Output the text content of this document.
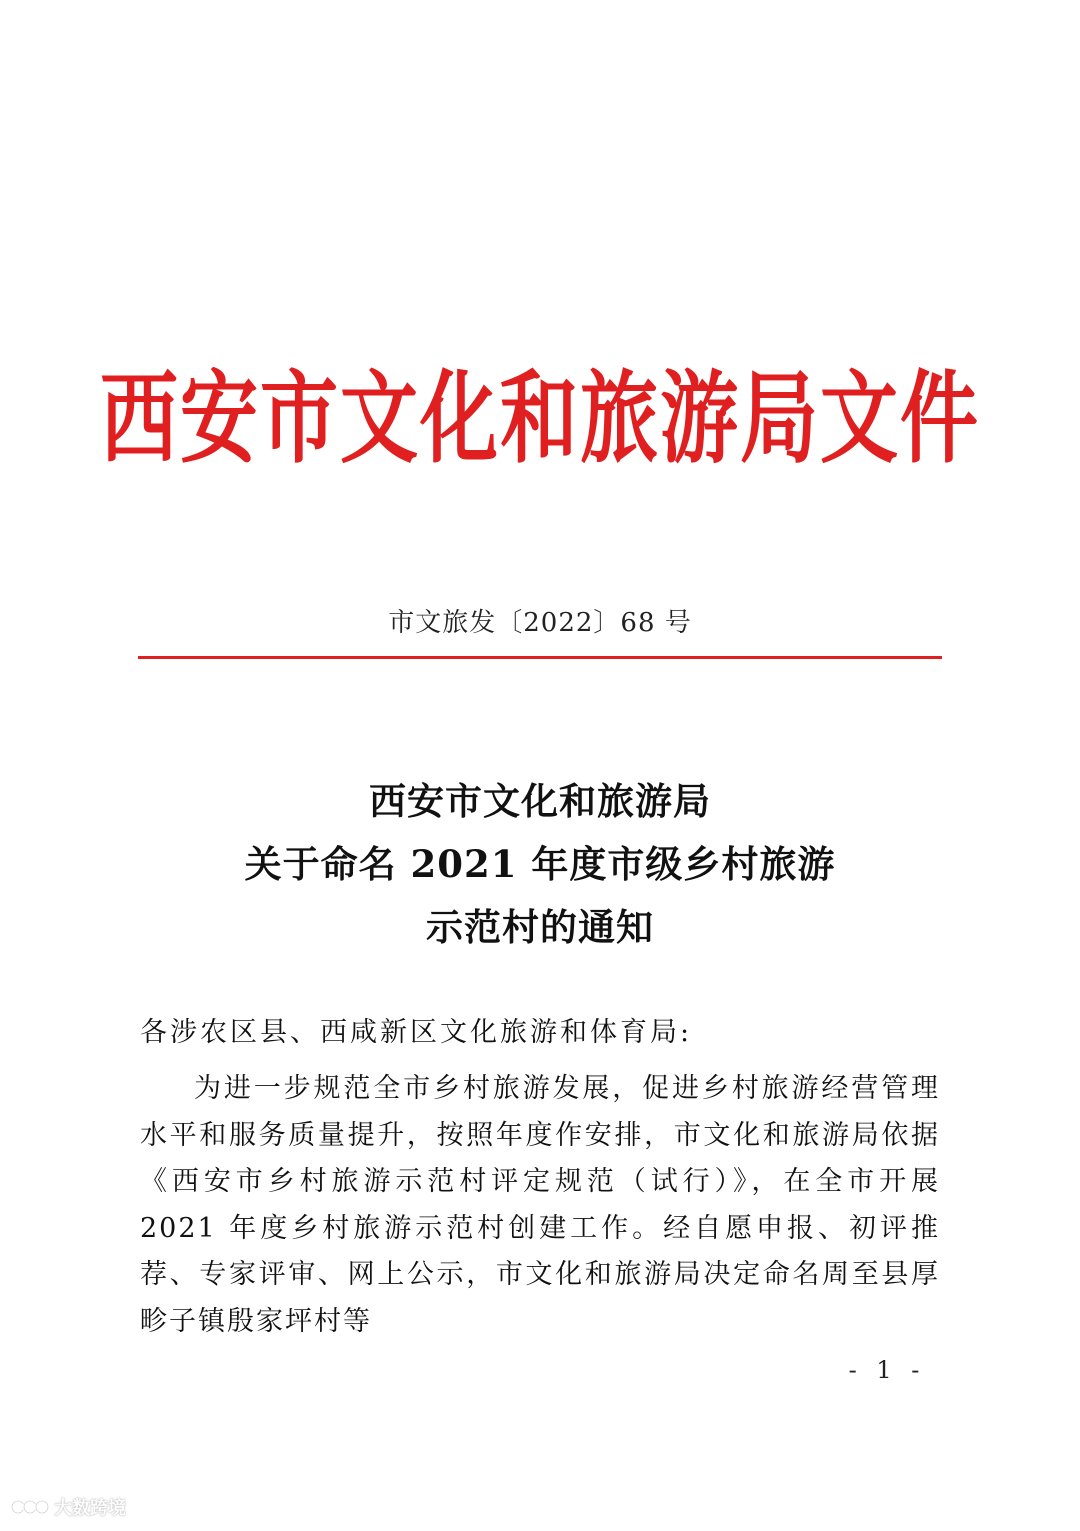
西安市文化和旅游局文件
市文旅发〔2022〕68 号
西安市文化和旅游局
关于命名 2021 年度市级乡村旅游
示范村的通知
各涉农区县、西咸新区文化旅游和体育局:
为进一步规范全市乡村旅游发展，促进乡村旅游经营管理水平和服务质量提升，按照年度作安排，市文化和旅游局依据《西安市乡村旅游示范村评定规范（试行）》，在全市开展 2021 年度乡村旅游示范村创建工作。经自愿申报、初评推荐、专家评审、网上公示，市文化和旅游局决定命名周至县厚畛子镇殷家坪村等
- 1 -
大数跨境
